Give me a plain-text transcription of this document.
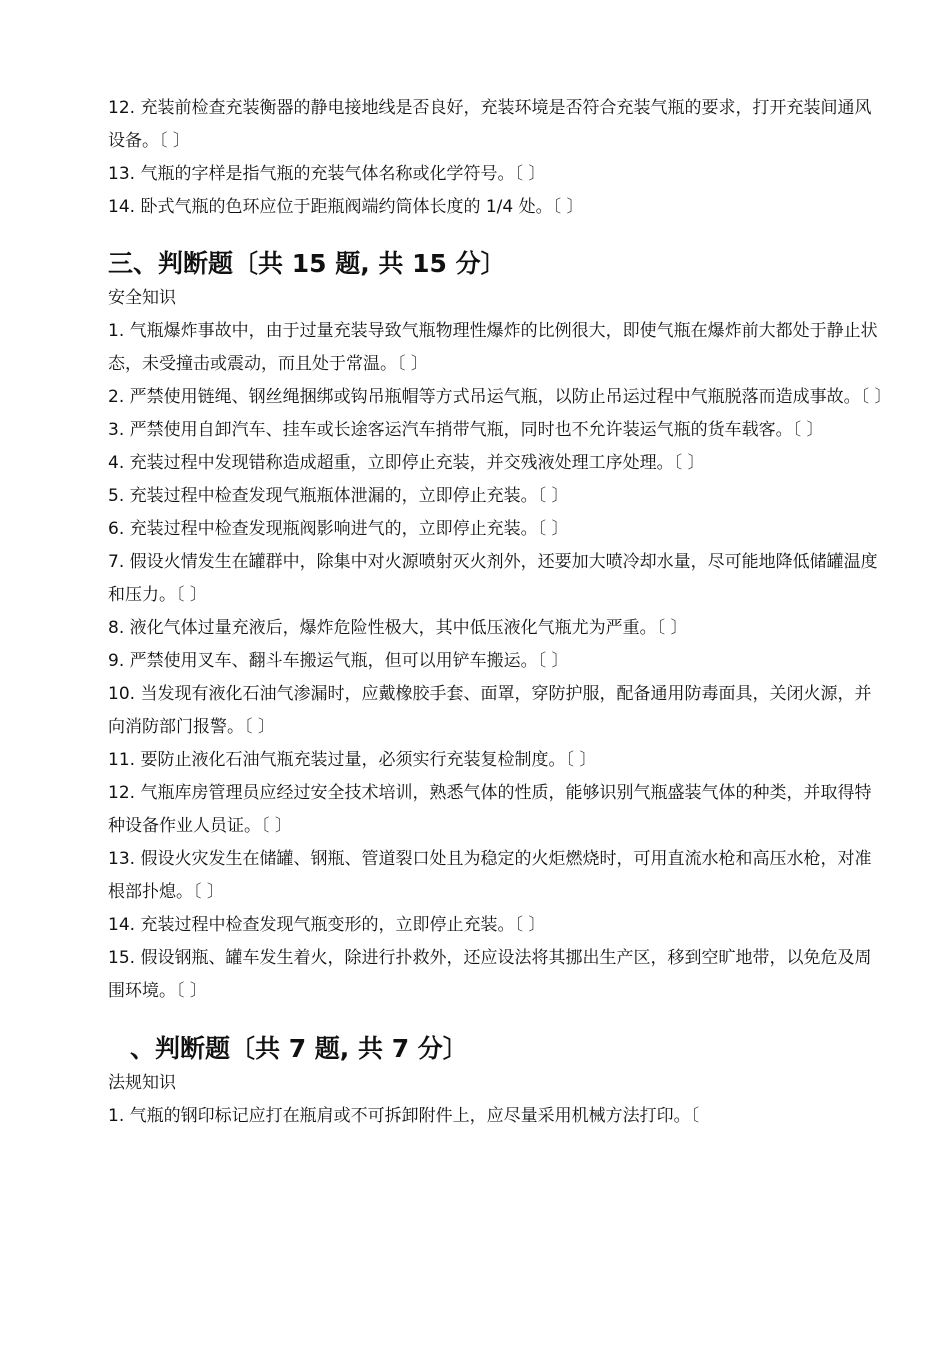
12. 充装前检查充装衡器的静电接地线是否良好，充装环境是否符合充装气瓶的要求，打开充装间通风设备。〔 〕

13. 气瓶的字样是指气瓶的充装气体名称或化学符号。〔 〕

14. 卧式气瓶的色环应位于距瓶阀端约筒体长度的 1/4 处。〔 〕

三、判断题〔共 15 题, 共 15 分〕

安全知识

1. 气瓶爆炸事故中，由于过量充装导致气瓶物理性爆炸的比例很大，即使气瓶在爆炸前大都处于静止状态，未受撞击或震动，而且处于常温。〔 〕

2. 严禁使用链绳、钢丝绳捆绑或钩吊瓶帽等方式吊运气瓶，以防止吊运过程中气瓶脱落而造成事故。〔 〕

3. 严禁使用自卸汽车、挂车或长途客运汽车捎带气瓶，同时也不允许装运气瓶的货车载客。〔 〕

4. 充装过程中发现错称造成超重，立即停止充装，并交残液处理工序处理。〔 〕

5. 充装过程中检查发现气瓶瓶体泄漏的，立即停止充装。〔 〕

6. 充装过程中检查发现瓶阀影响进气的，立即停止充装。〔 〕

7. 假设火情发生在罐群中，除集中对火源喷射灭火剂外，还要加大喷冷却水量，尽可能地降低储罐温度和压力。〔 〕

8. 液化气体过量充液后，爆炸危险性极大，其中低压液化气瓶尤为严重。〔 〕

9. 严禁使用叉车、翻斗车搬运气瓶，但可以用铲车搬运。〔 〕

10. 当发现有液化石油气渗漏时，应戴橡胶手套、面罩，穿防护服，配备通用防毒面具，关闭火源，并向消防部门报警。〔 〕

11. 要防止液化石油气瓶充装过量，必须实行充装复检制度。〔 〕

12. 气瓶库房管理员应经过安全技术培训，熟悉气体的性质，能够识别气瓶盛装气体的种类，并取得特种设备作业人员证。〔 〕

13. 假设火灾发生在储罐、钢瓶、管道裂口处且为稳定的火炬燃烧时，可用直流水枪和高压水枪，对准根部扑熄。〔 〕

14. 充装过程中检查发现气瓶变形的，立即停止充装。〔 〕

15. 假设钢瓶、罐车发生着火，除进行扑救外，还应设法将其挪出生产区，移到空旷地带，以免危及周围环境。〔 〕

、判断题〔共 7 题, 共 7 分〕

法规知识

1. 气瓶的钢印标记应打在瓶肩或不可拆卸附件上，应尽量采用机械方法打印。〔
